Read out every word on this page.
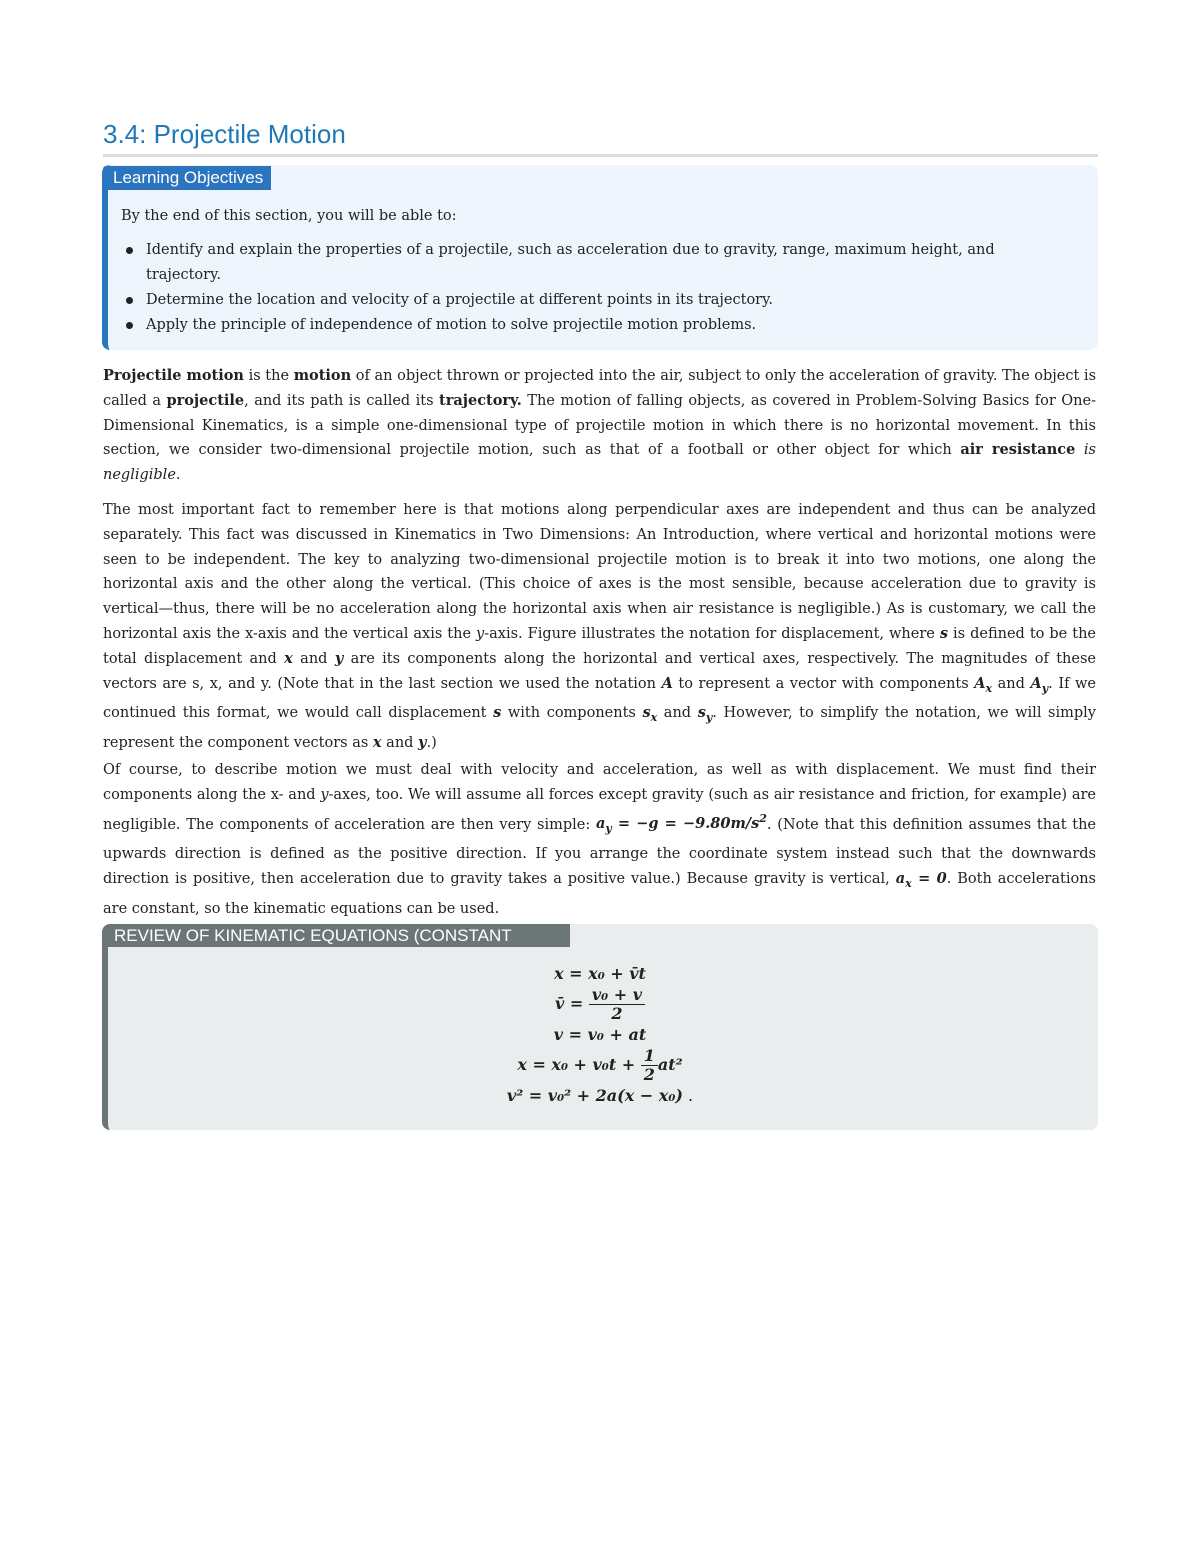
3.4: Projectile Motion
Learning Objectives
By the end of this section, you will be able to:
Identify and explain the properties of a projectile, such as acceleration due to gravity, range, maximum height, and trajectory.
Determine the location and velocity of a projectile at different points in its trajectory.
Apply the principle of independence of motion to solve projectile motion problems.

Projectile motion is the motion of an object thrown or projected into the air, subject to only the acceleration of gravity. The object is called a projectile, and its path is called its trajectory. The motion of falling objects, as covered in Problem-Solving Basics for One-Dimensional Kinematics, is a simple one-dimensional type of projectile motion in which there is no horizontal movement. In this section, we consider two-dimensional projectile motion, such as that of a football or other object for which air resistance is negligible.

The most important fact to remember here is that motions along perpendicular axes are independent and thus can be analyzed separately. This fact was discussed in Kinematics in Two Dimensions: An Introduction, where vertical and horizontal motions were seen to be independent. The key to analyzing two-dimensional projectile motion is to break it into two motions, one along the horizontal axis and the other along the vertical. (This choice of axes is the most sensible, because acceleration due to gravity is vertical—thus, there will be no acceleration along the horizontal axis when air resistance is negligible.) As is customary, we call the horizontal axis the x-axis and the vertical axis the y-axis. Figure illustrates the notation for displacement, where s is defined to be the total displacement and x and y are its components along the horizontal and vertical axes, respectively. The magnitudes of these vectors are s, x, and y. (Note that in the last section we used the notation A to represent a vector with components $A_x$ and $A_y$. If we continued this format, we would call displacement s with components $s_x$ and $s_y$. However, to simplify the notation, we will simply represent the component vectors as x and y.)

Of course, to describe motion we must deal with velocity and acceleration, as well as with displacement. We must find their components along the x- and y-axes, too. We will assume all forces except gravity (such as air resistance and friction, for example) are negligible. The components of acceleration are then very simple: $a_y = -g = -9.80m/s^2$. (Note that this definition assumes that the upwards direction is defined as the positive direction. If you arrange the coordinate system instead such that the downwards direction is positive, then acceleration due to gravity takes a positive value.) Because gravity is vertical, $a_x = 0$. Both accelerations are constant, so the kinematic equations can be used.

REVIEW OF KINEMATIC EQUATIONS (CONSTANT
x = x₀ + v̄t
v̄ = $\frac{\text{v₀ + v}}{2}$
v = v₀ + at
$x = x_0 + v_0t + \frac{1}{2} at^2$
v² = v₀² + 2a(x − x₀) .
